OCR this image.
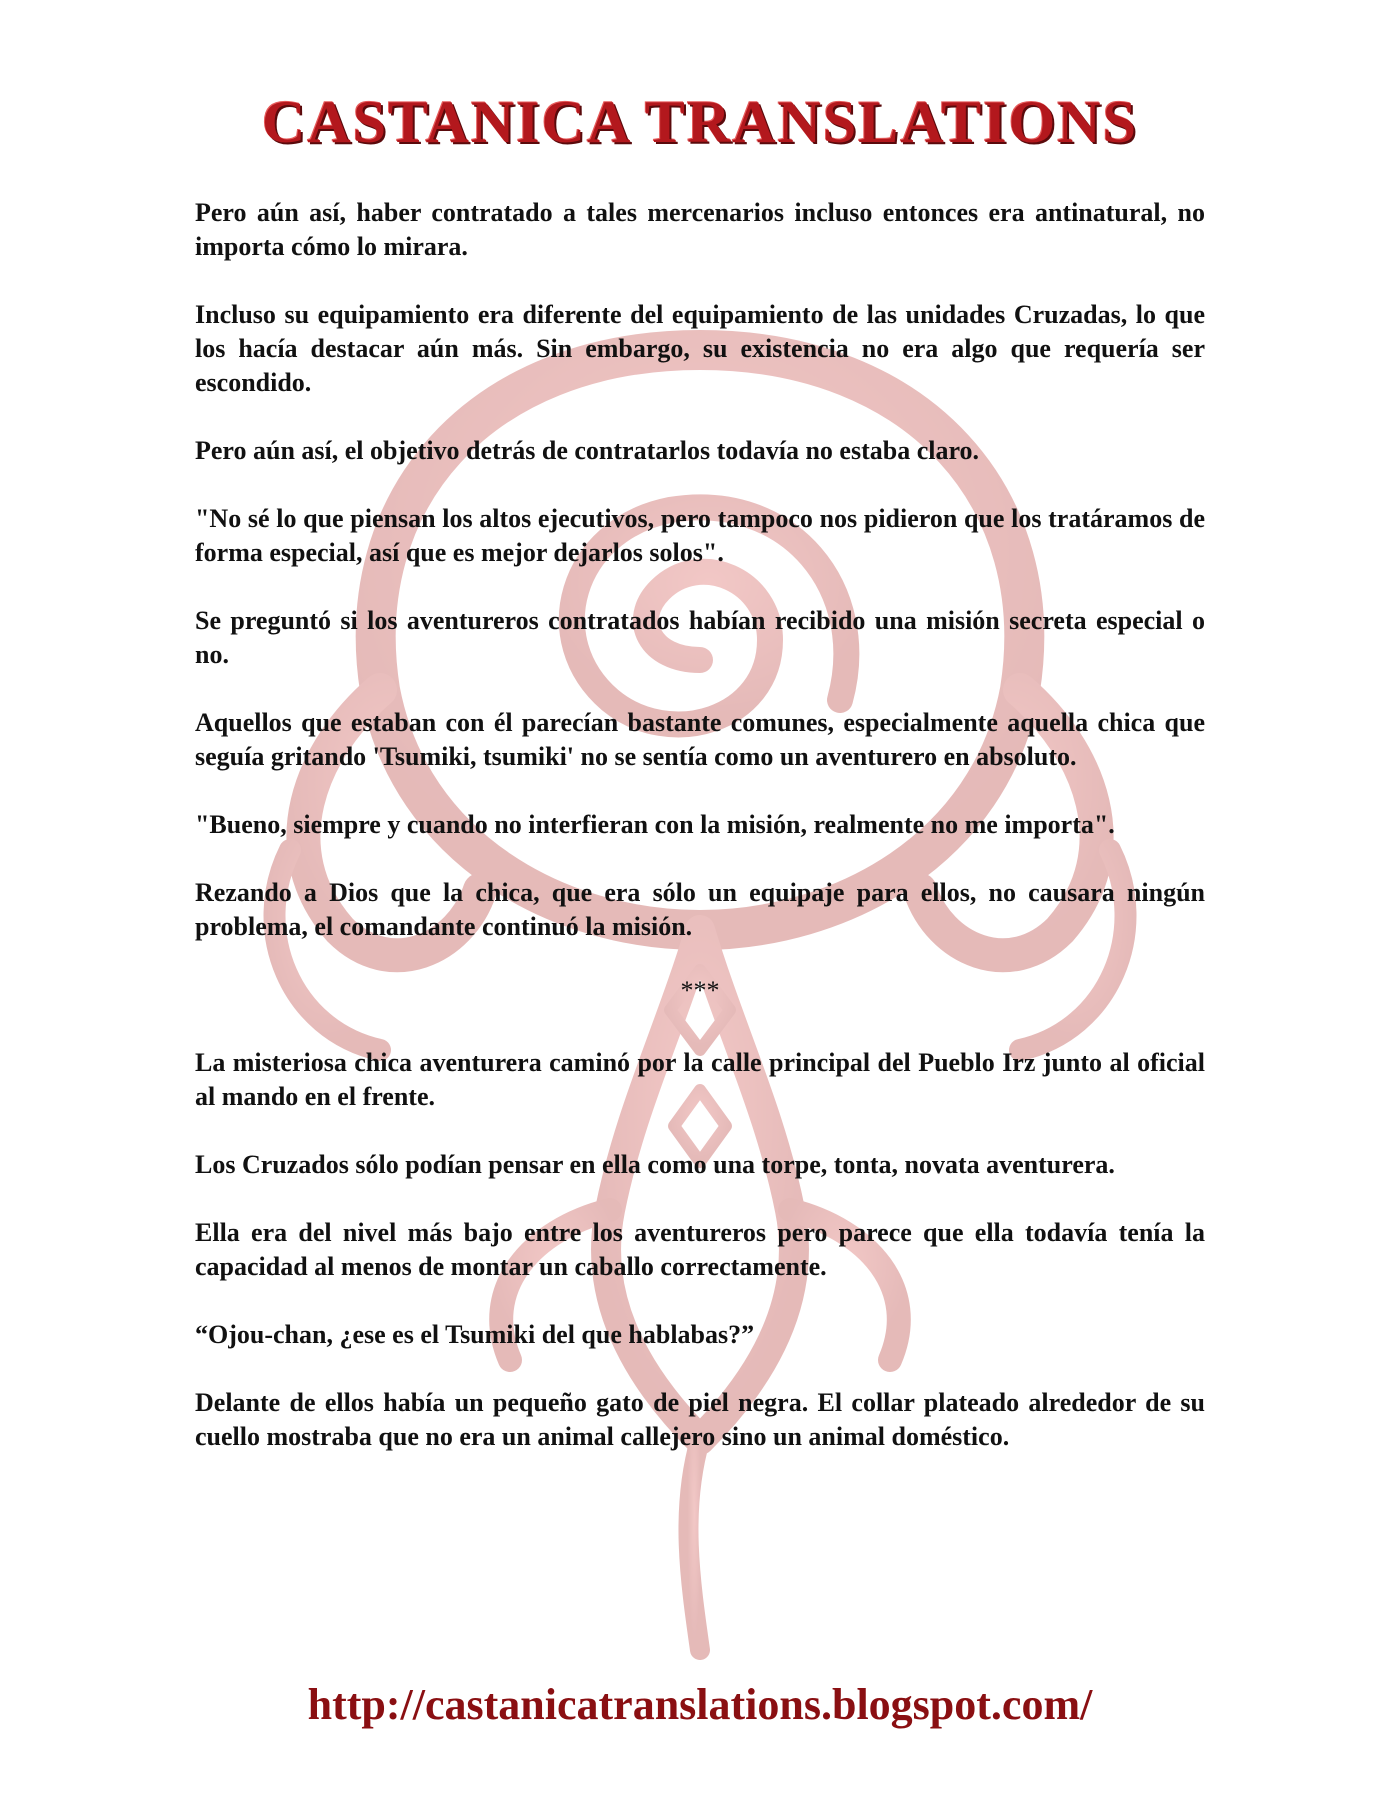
CASTANICA TRANSLATIONS

Pero aún así, haber contratado a tales mercenarios incluso entonces era antinatural, no importa cómo lo mirara.

Incluso su equipamiento era diferente del equipamiento de las unidades Cruzadas, lo que los hacía destacar aún más. Sin embargo, su existencia no era algo que requería ser escondido.

Pero aún así, el objetivo detrás de contratarlos todavía no estaba claro.

"No sé lo que piensan los altos ejecutivos, pero tampoco nos pidieron que los tratáramos de forma especial, así que es mejor dejarlos solos".

Se preguntó si los aventureros contratados habían recibido una misión secreta especial o no.

Aquellos que estaban con él parecían bastante comunes, especialmente aquella chica que seguía gritando 'Tsumiki, tsumiki' no se sentía como un aventurero en absoluto.

"Bueno, siempre y cuando no interfieran con la misión, realmente no me importa".

Rezando a Dios que la chica, que era sólo un equipaje para ellos, no causara ningún problema, el comandante continuó la misión.

***

La misteriosa chica aventurera caminó por la calle principal del Pueblo Irz junto al oficial al mando en el frente.

Los Cruzados sólo podían pensar en ella como una torpe, tonta, novata aventurera.

Ella era del nivel más bajo entre los aventureros pero parece que ella todavía tenía la capacidad al menos de montar un caballo correctamente.

“Ojou-chan, ¿ese es el Tsumiki del que hablabas?”

Delante de ellos había un pequeño gato de piel negra. El collar plateado alrededor de su cuello mostraba que no era un animal callejero sino un animal doméstico.

http://castanicatranslations.blogspot.com/
